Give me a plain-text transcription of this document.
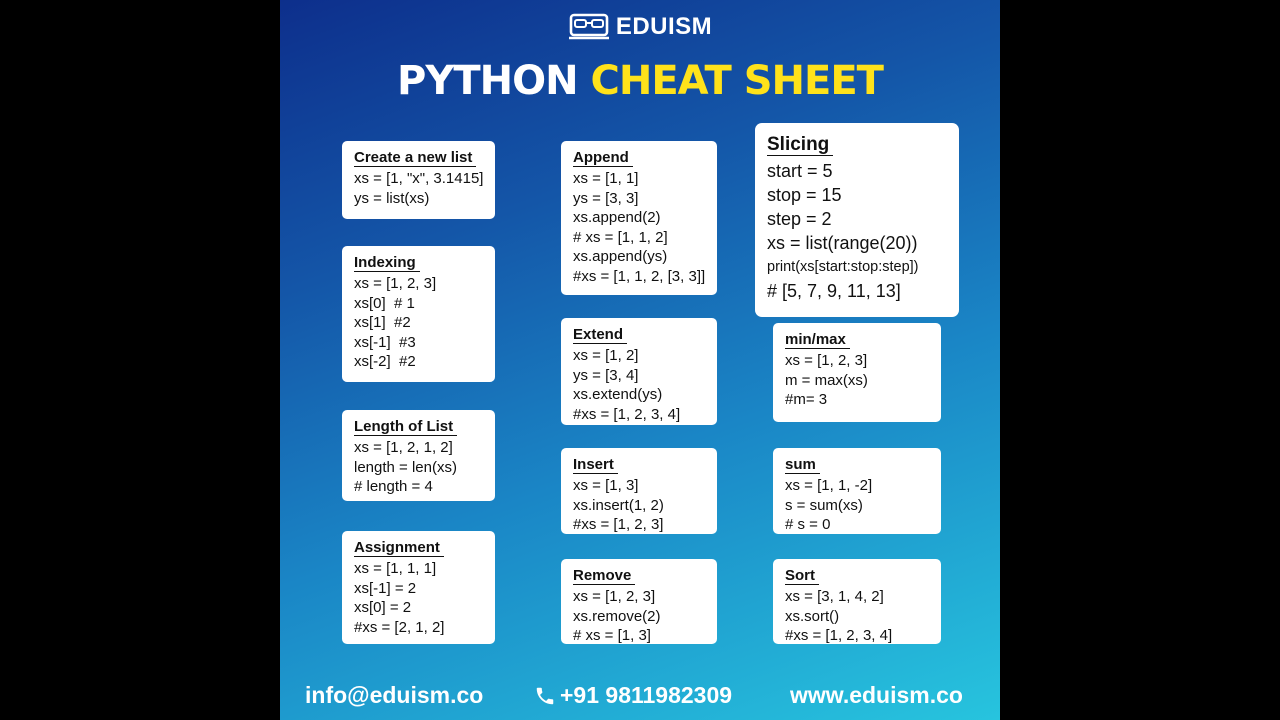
EDUISM
PYTHON CHEAT SHEET
Create a new list
xs = [1, "x", 3.1415]
ys = list(xs)
Indexing
xs = [1, 2, 3]
xs[0]  # 1
xs[1]  #2
xs[-1]  #3
xs[-2]  #2
Length of List
xs = [1, 2, 1, 2]
length = len(xs)
# length = 4
Assignment
xs = [1, 1, 1]
xs[-1] = 2
xs[0] = 2
#xs = [2, 1, 2]
Append
xs = [1, 1]
ys = [3, 3]
xs.append(2)
# xs = [1, 1, 2]
xs.append(ys)
#xs = [1, 1, 2, [3, 3]]
Extend
xs = [1, 2]
ys = [3, 4]
xs.extend(ys)
#xs = [1, 2, 3, 4]
Insert
xs = [1, 3]
xs.insert(1, 2)
#xs = [1, 2, 3]
Remove
xs = [1, 2, 3]
xs.remove(2)
# xs = [1, 3]
Slicing
start = 5
stop = 15
step = 2
xs = list(range(20))
print(xs[start:stop:step])
# [5, 7, 9, 11, 13]
min/max
xs = [1, 2, 3]
m = max(xs)
#m= 3
sum
xs = [1, 1, -2]
s = sum(xs)
# s = 0
Sort
xs = [3, 1, 4, 2]
xs.sort()
#xs = [1, 2, 3, 4]
info@eduism.co	+91 9811982309	www.eduism.co
